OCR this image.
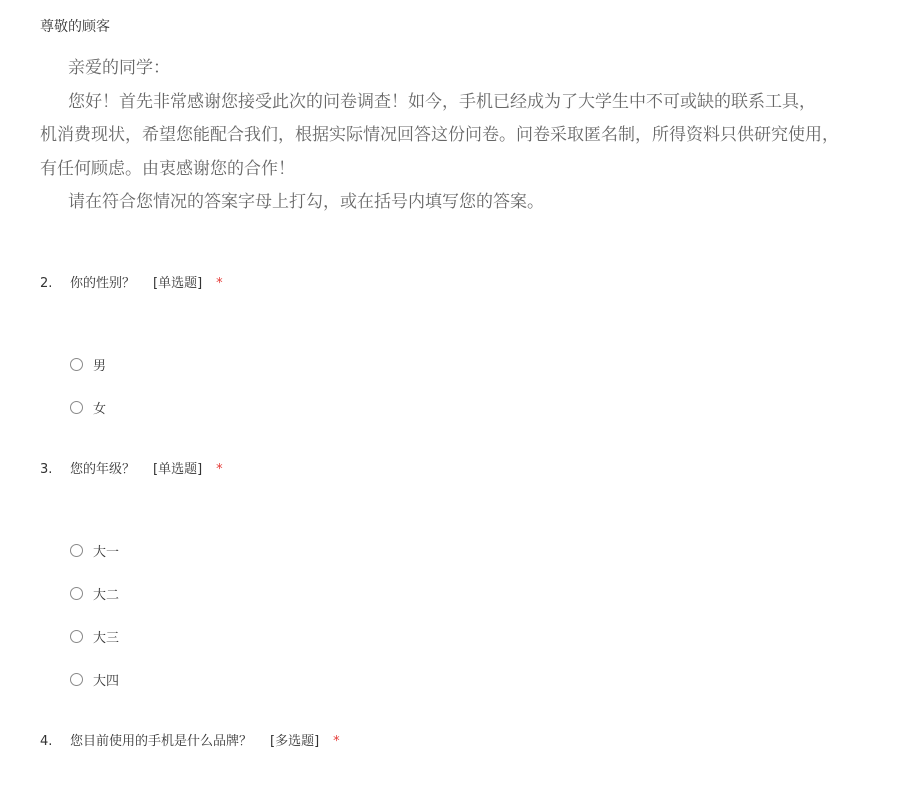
尊敬的顾客
亲爱的同学：
您好！首先非常感谢您接受此次的问卷调查！如今，手机已经成为了大学生中不可或缺的联系工具，
机消费现状，希望您能配合我们，根据实际情况回答这份问卷。问卷采取匿名制，所得资料只供研究使用，
有任何顾虑。由衷感谢您的合作！
请在符合您情况的答案字母上打勾，或在括号内填写您的答案。
2. 你的性别？ [单选题] *
男
女
3. 您的年级？ [单选题] *
大一
大二
大三
大四
4. 您目前使用的手机是什么品牌？ [多选题] *
